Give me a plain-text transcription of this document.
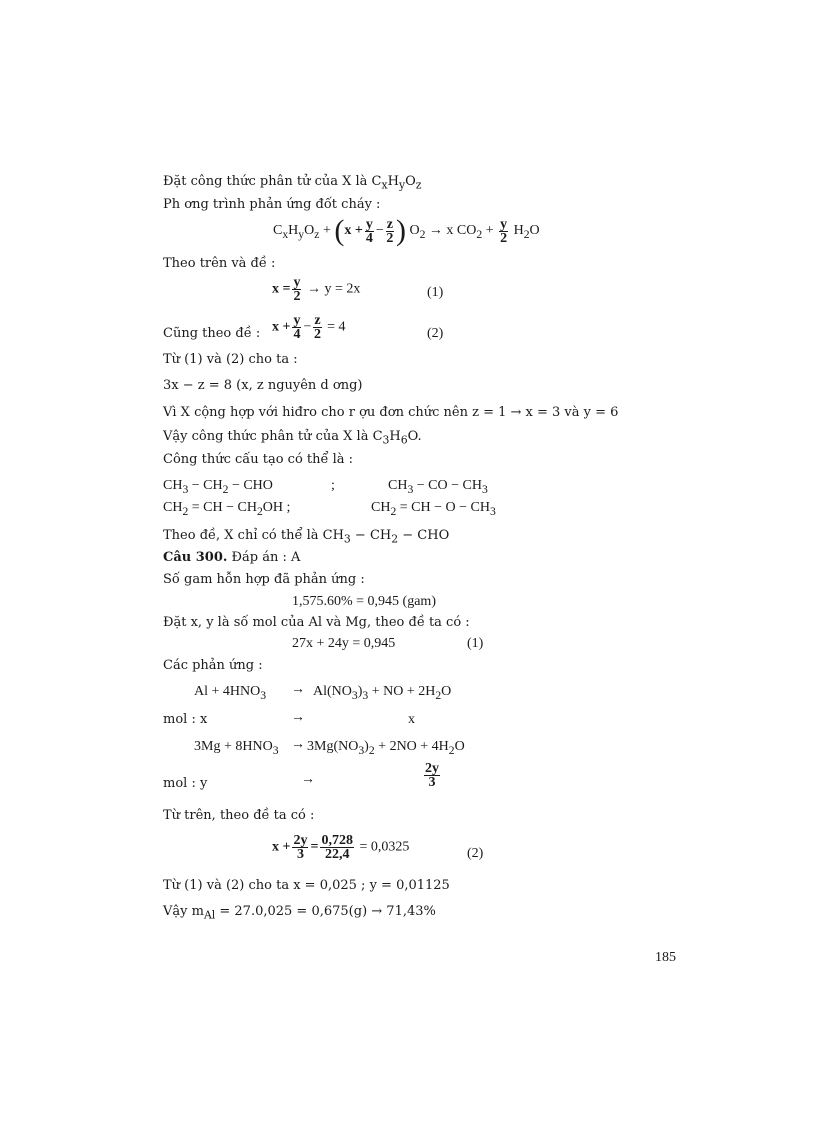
Đặt công thức phân tử của X là $C_xH_yO_z$
Ph ơng trình phản ứng đốt cháy :
$C_xH_yO_z + (x + \frac{y}{4} - \frac{z}{2}$ ) $O_2 \to x$ $CO_2 + \frac{y}{2} H_2O$
Theo trên và đề :
$x = \frac{y}{2} \to y = 2x$	(1)
Cũng theo đề : $x + \frac{y}{4} - \frac{z}{2} = 4$	(2)
Từ (1) và (2) cho ta :
3x − z = 8 (x, z nguyên d ơng)
Vì X cộng hợp với hiđro cho r ợu đơn chức nên z = 1 → x = 3 và y = 6
Vậy công thức phân tử của X là $C_3H_6O$.
Công thức cấu tạo có thể là :
$CH_3 - CH_2$ − CHO	;	$CH_3$ − CO − $CH_3$
$CH_2$ = CH − $CH_2OH$ ;	$CH_2$ = CH − $O - CH_3$
Theo đề, X chỉ có thể là $CH_3 - CH_2$ − CHO
Câu 300. Đáp án : A
Số gam hỗn hợp đã phản ứng :
1,575.60% = 0,945 (gam)
Đặt x, y là số mol của Al và Mg, theo đề ta có :
27x + 24y = 0,945	(1)
Các phản ứng :
$Al + 4HNO_3 \to Al(NO_3)_3$ + NO + $2H_2O$
mol : x	→	x
$3Mg + 8HNO_3 \to 3Mg(NO_3)_2 + 2NO + 4H_2O$
mol : y	→	$\frac{2y}{3}$
Từ trên, theo đề ta có :
$x + \frac{2y}{3} = \frac{0,728}{22,4} = 0,0325$	(2)
Từ (1) và (2) cho ta x = 0,025 ; y = 0,01125
Vậy $m_{Al} = 27.0,025 = 0,675(g) \to 71,43\%$
185
